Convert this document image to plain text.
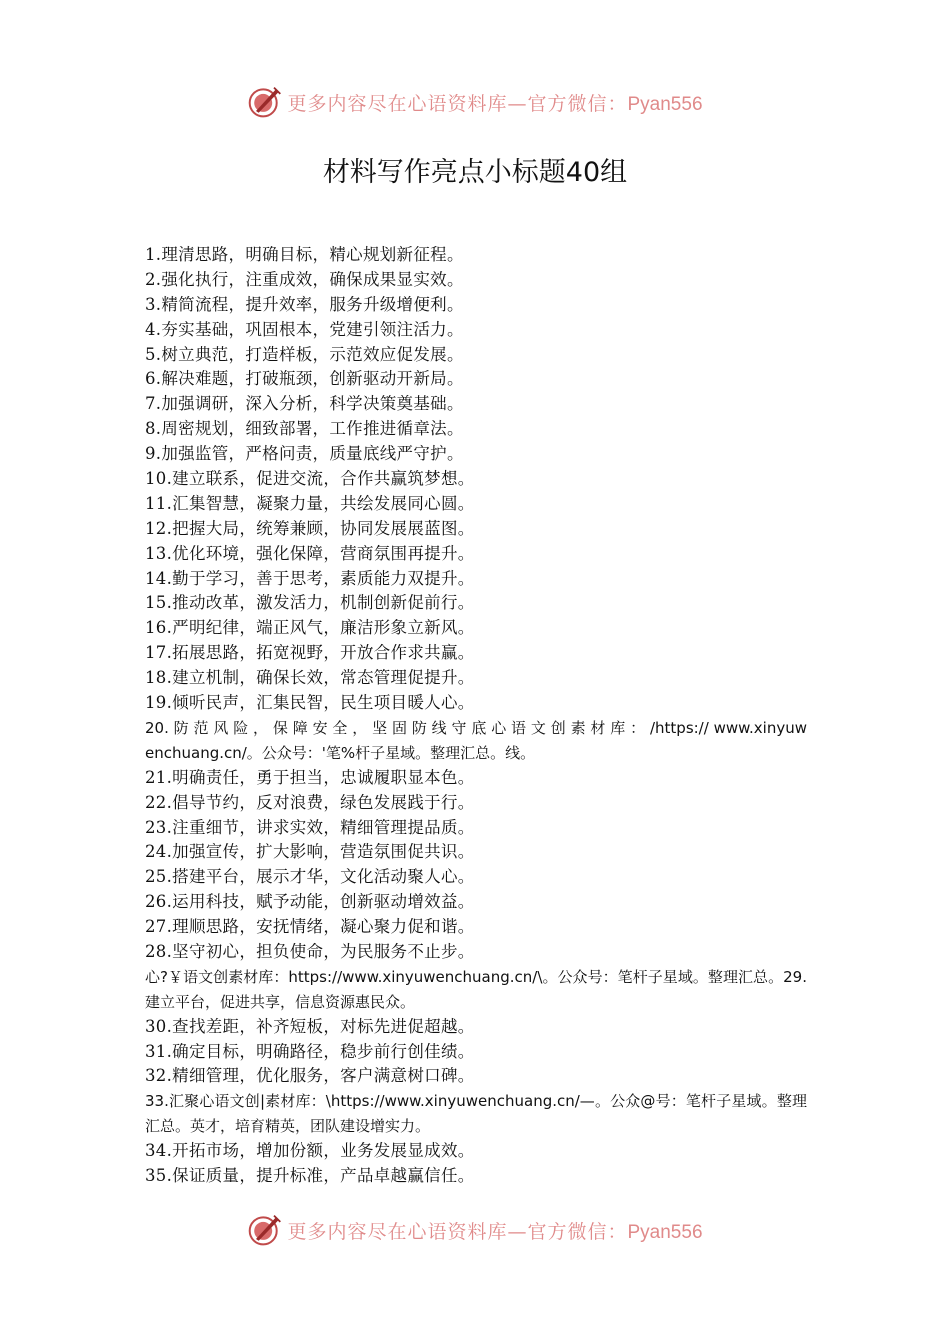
更多内容尽在心语资料库—官方微信：Pyan556
材料写作亮点小标题40组
1.理清思路，明确目标，精心规划新征程。
2.强化执行，注重成效，确保成果显实效。
3.精简流程，提升效率，服务升级增便利。
4.夯实基础，巩固根本，党建引领注活力。
5.树立典范，打造样板，示范效应促发展。
6.解决难题，打破瓶颈，创新驱动开新局。
7.加强调研，深入分析，科学决策奠基础。
8.周密规划，细致部署，工作推进循章法。
9.加强监管，严格问责，质量底线严守护。
10.建立联系，促进交流，合作共赢筑梦想。
11.汇集智慧，凝聚力量，共绘发展同心圆。
12.把握大局，统筹兼顾，协同发展展蓝图。
13.优化环境，强化保障，营商氛围再提升。
14.勤于学习，善于思考，素质能力双提升。
15.推动改革，激发活力，机制创新促前行。
16.严明纪律，端正风气，廉洁形象立新风。
17.拓展思路，拓宽视野，开放合作求共赢。
18.建立机制，确保长效，常态管理促提升。
19.倾听民声，汇集民智，民生项目暖人心。
20. 防 范 风 险 ， 保 障 安 全 ， 坚 固 防 线 守 底 心 语 文 创 素 材 库 ： /https:// www.xinyuwenchuang.cn/。公众号：'笔%杆子星域。整理汇总。线。
21.明确责任，勇于担当，忠诚履职显本色。
22.倡导节约，反对浪费，绿色发展践于行。
23.注重细节，讲求实效，精细管理提品质。
24.加强宣传，扩大影响，营造氛围促共识。
25.搭建平台，展示才华，文化活动聚人心。
26.运用科技，赋予动能，创新驱动增效益。
27.理顺思路，安抚情绪，凝心聚力促和谐。
28.坚守初心，担负使命，为民服务不止步。
心?￥语文创素材库：https://www.xinyuwenchuang.cn/\。公众号：笔杆子星域。整理汇总。29.建立平台，促进共享，信息资源惠民众。
30.查找差距，补齐短板，对标先进促超越。
31.确定目标，明确路径，稳步前行创佳绩。
32.精细管理，优化服务，客户满意树口碑。
33.汇聚心语文创|素材库：\https://www.xinyuwenchuang.cn/—。公众@号：笔杆子星域。整理汇总。英才，培育精英，团队建设增实力。
34.开拓市场，增加份额，业务发展显成效。
35.保证质量，提升标准，产品卓越赢信任。
更多内容尽在心语资料库—官方微信：Pyan556
